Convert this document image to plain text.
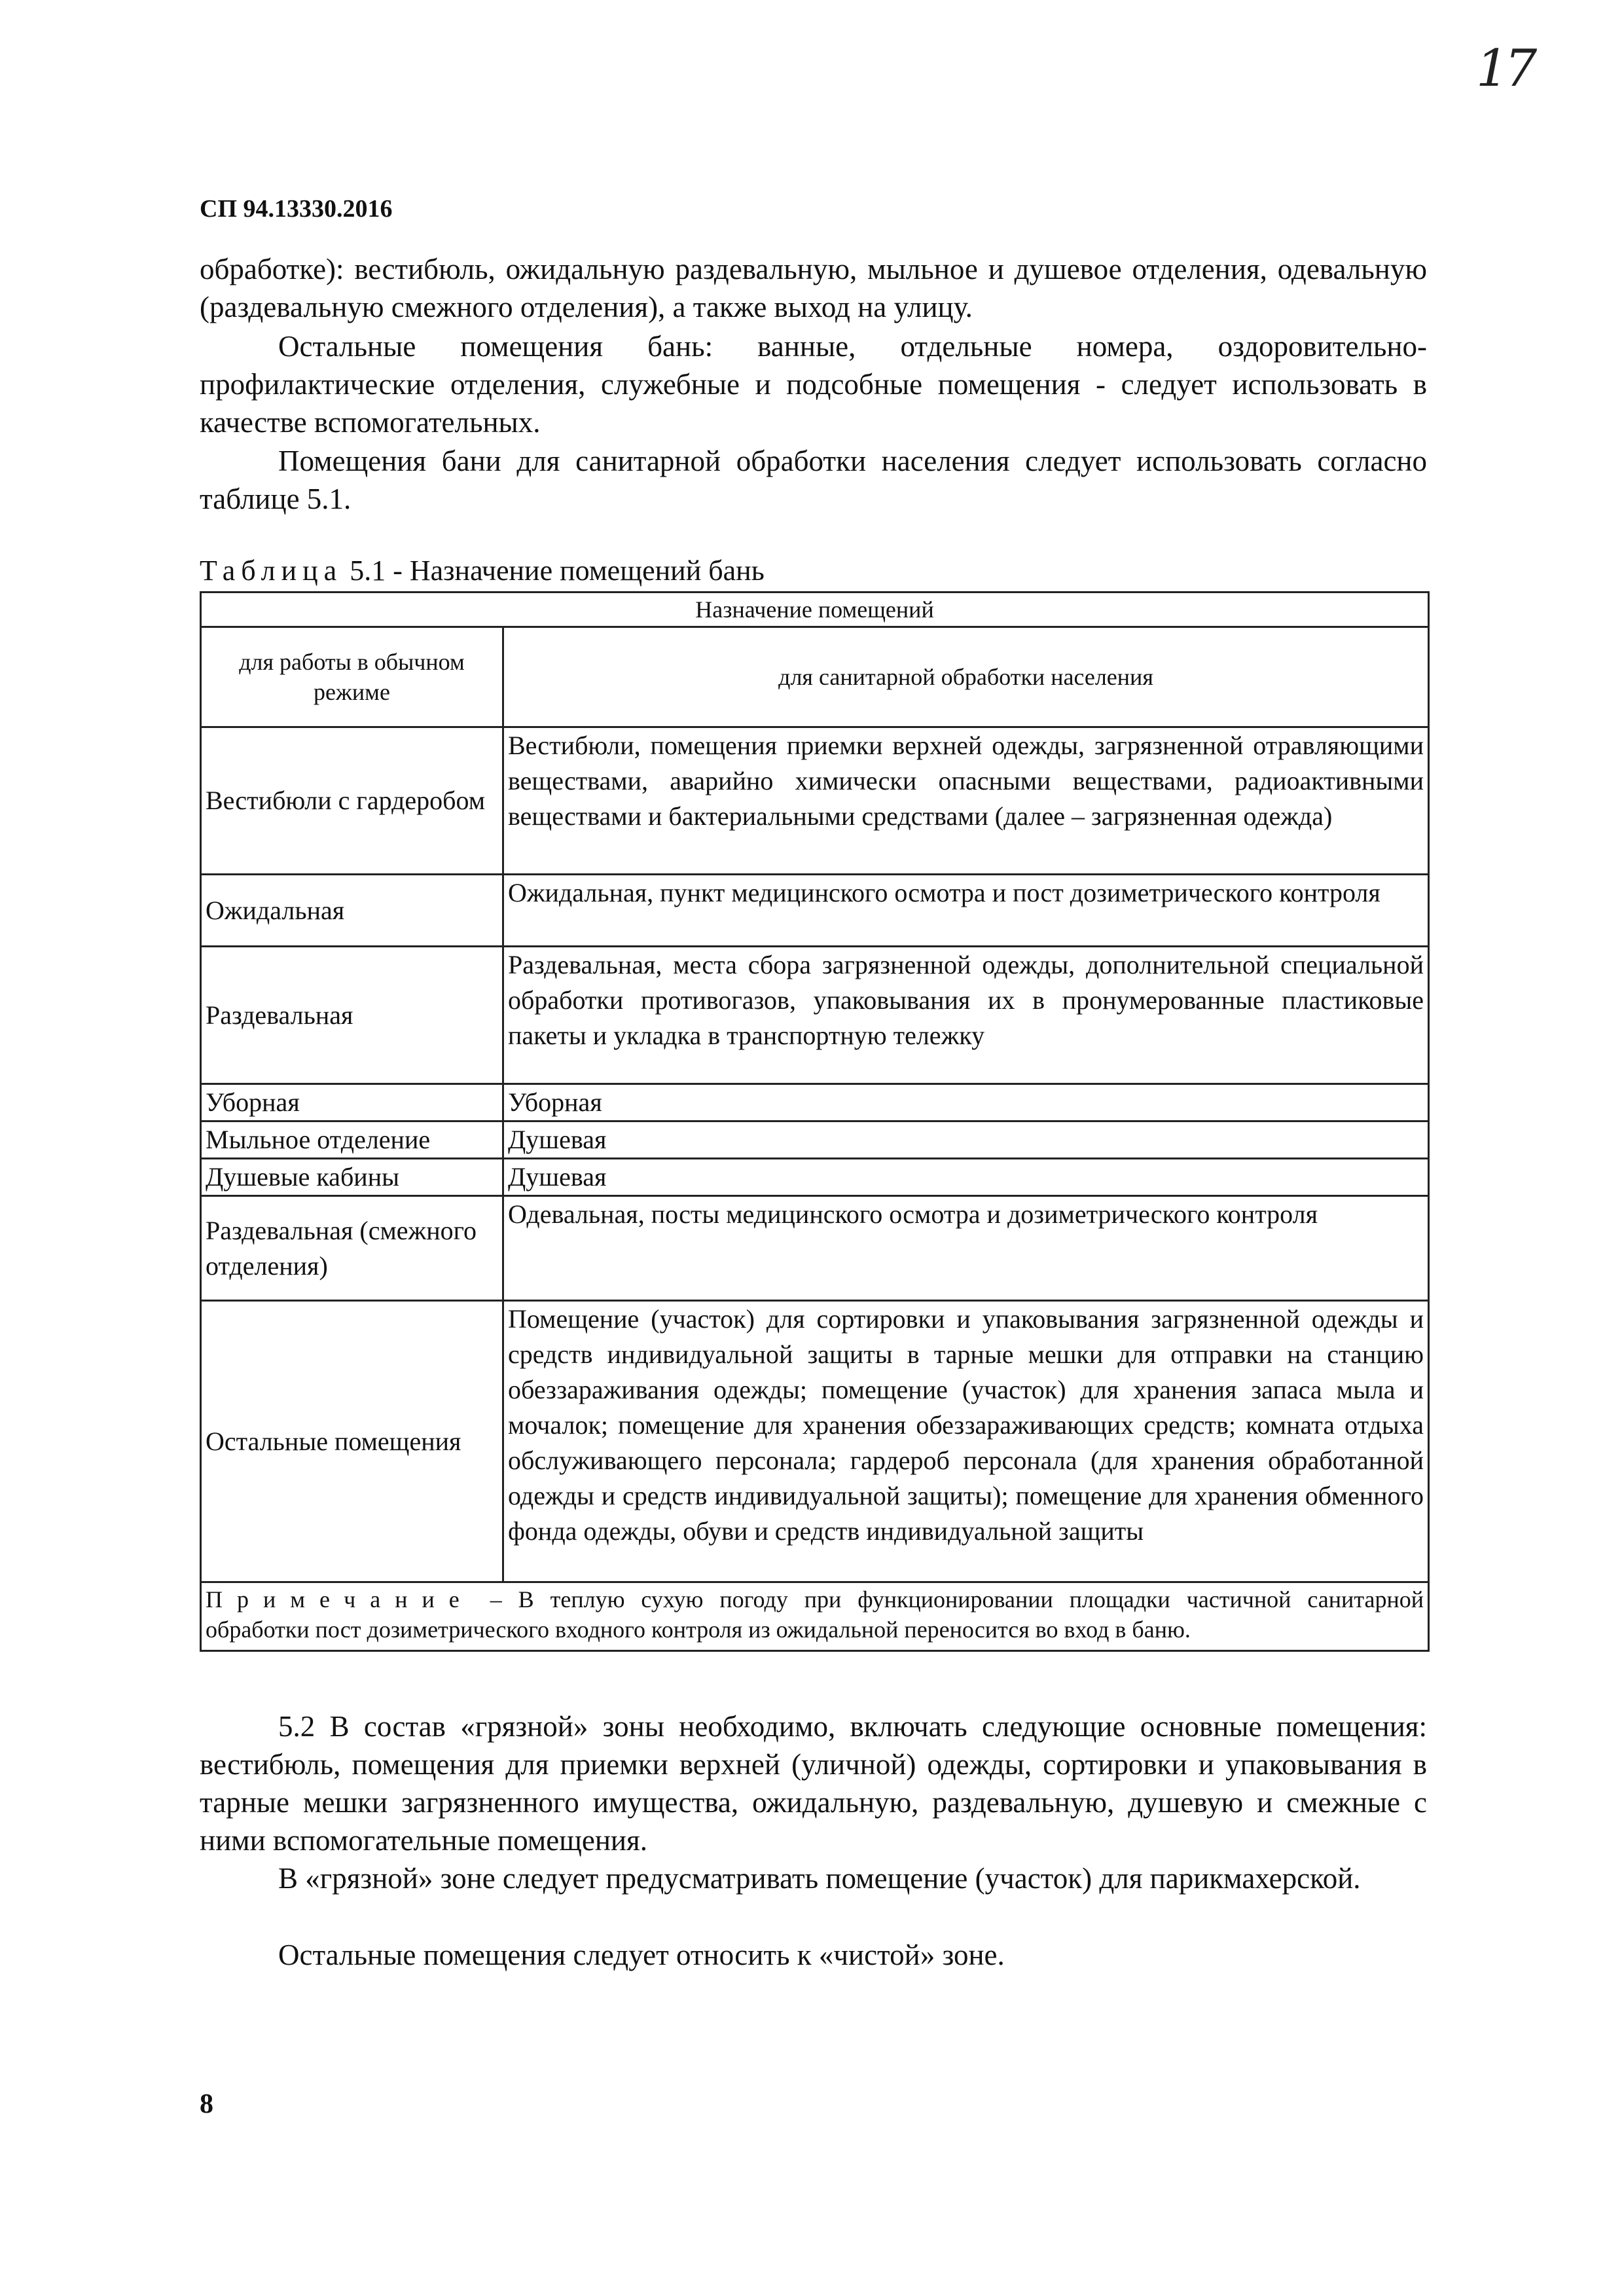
17
СП 94.13330.2016
обработке): вестибюль, ожидальную раздевальную, мыльное и душевое отделения, одевальную (раздевальную смежного отделения), а также выход на улицу.
Остальные помещения бань: ванные, отдельные номера, оздоровительно-профилактические отделения, служебные и подсобные помещения - следует использовать в качестве вспомогательных.
Помещения бани для санитарной обработки населения следует использовать согласно таблице 5.1.
Таблица 5.1 - Назначение помещений бань
Назначение помещений	
для работы в обычном режиме	для санитарной обработки населения
Вестибюли с гардеробом	Вестибюли, помещения приемки верхней одежды, загрязненной отравляющими веществами, аварийно химически опасными веществами, радиоактивными веществами и бактериальными средствами (далее – загрязненная одежда)
Ожидальная	Ожидальная, пункт медицинского осмотра и пост дозиметрического контроля
Раздевальная	Раздевальная, места сбора загрязненной одежды, дополнительной специальной обработки противогазов, упаковывания их в пронумерованные пластиковые пакеты и укладка в транспортную тележку
Уборная	Уборная
Мыльное отделение	Душевая
Душевые кабины	Душевая
Раздевальная (смежного отделения)	Одевальная, посты медицинского осмотра и дозиметрического контроля
Остальные помещения	Помещение (участок) для сортировки и упаковывания загрязненной одежды и средств индивидуальной защиты в тарные мешки для отправки на станцию обеззараживания одежды; помещение (участок) для хранения запаса мыла и мочалок; помещение для хранения обеззараживающих средств; комната отдыха обслуживающего персонала; гардероб персонала (для хранения обработанной одежды и средств индивидуальной защиты); помещение для хранения обменного фонда одежды, обуви и средств индивидуальной защиты
Примечание – В теплую сухую погоду при функционировании площадки частичной санитарной обработки пост дозиметрического входного контроля из ожидальной переносится во вход в баню.	
5.2 В состав «грязной» зоны необходимо, включать следующие основные помещения: вестибюль, помещения для приемки верхней (уличной) одежды, сортировки и упаковывания в тарные мешки загрязненного имущества, ожидальную, раздевальную, душевую и смежные с ними вспомогательные помещения.
В «грязной» зоне следует предусматривать помещение (участок) для парикмахерской.
Остальные помещения следует относить к «чистой» зоне.
8
